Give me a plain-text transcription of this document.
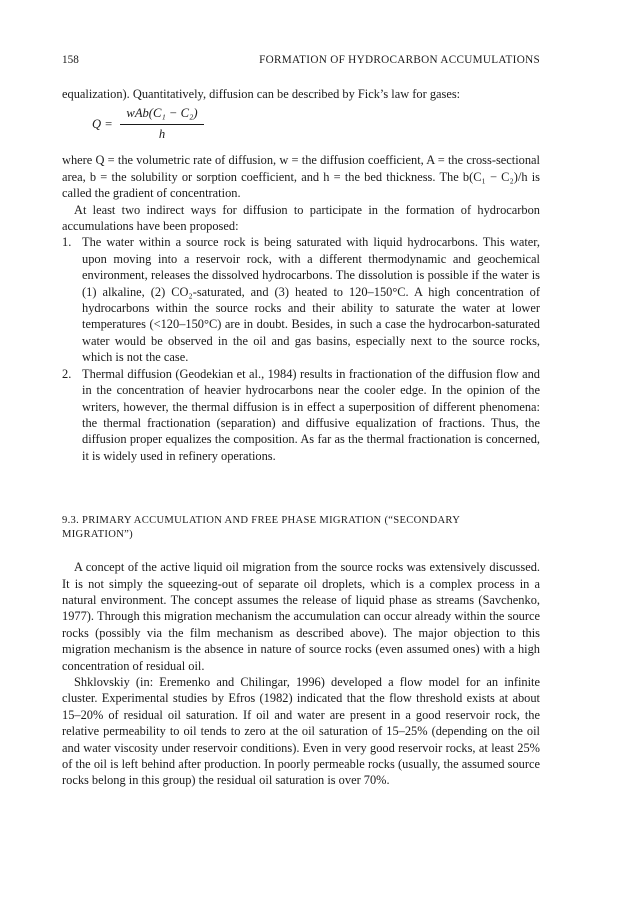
158	FORMATION OF HYDROCARBON ACCUMULATIONS

equalization). Quantitatively, diffusion can be described by Fick’s law for gases:

Q =
wAb(C₁ − C₂)
h

where Q = the volumetric rate of diffusion, w = the diffusion coefficient, A = the cross-sectional area, b = the solubility or sorption coefficient, and h = the bed thickness. The b(C₁ − C₂)/h is called the gradient of concentration.

At least two indirect ways for diffusion to participate in the formation of hydrocarbon accumulations have been proposed:

1. The water within a source rock is being saturated with liquid hydrocarbons. This water, upon moving into a reservoir rock, with a different thermodynamic and geochemical environment, releases the dissolved hydrocarbons. The dissolution is possible if the water is (1) alkaline, (2) CO₂-saturated, and (3) heated to 120–150°C. A high concentration of hydrocarbons within the source rocks and their ability to saturate the water at lower temperatures (<120–150°C) are in doubt. Besides, in such a case the hydrocarbon-saturated water would be observed in the oil and gas basins, especially next to the source rocks, which is not the case.
2. Thermal diffusion (Geodekian et al., 1984) results in fractionation of the diffusion flow and in the concentration of heavier hydrocarbons near the cooler edge. In the opinion of the writers, however, the thermal diffusion is in effect a superposition of different phenomena: the thermal fractionation (separation) and diffusive equalization of fractions. Thus, the diffusion proper equalizes the composition. As far as the thermal fractionation is concerned, it is widely used in refinery operations.
9.3. PRIMARY ACCUMULATION AND FREE PHASE MIGRATION (“SECONDARY MIGRATION”)

A concept of the active liquid oil migration from the source rocks was extensively discussed. It is not simply the squeezing-out of separate oil droplets, which is a complex process in a natural environment. The concept assumes the release of liquid phase as streams (Savchenko, 1977). Through this migration mechanism the accumulation can occur already within the source rocks (possibly via the film mechanism as described above). The major objection to this migration mechanism is the absence in nature of source rocks (even assumed ones) with a high concentration of residual oil.

Shklovskiy (in: Eremenko and Chilingar, 1996) developed a flow model for an infinite cluster. Experimental studies by Efros (1982) indicated that the flow threshold exists at about 15–20% of residual oil saturation. If oil and water are present in a good reservoir rock, the relative permeability to oil tends to zero at the oil saturation of 15–25% (depending on the oil and water viscosity under reservoir conditions). Even in very good reservoir rocks, at least 25% of the oil is left behind after production. In poorly permeable rocks (usually, the assumed source rocks belong in this group) the residual oil saturation is over 70%.
